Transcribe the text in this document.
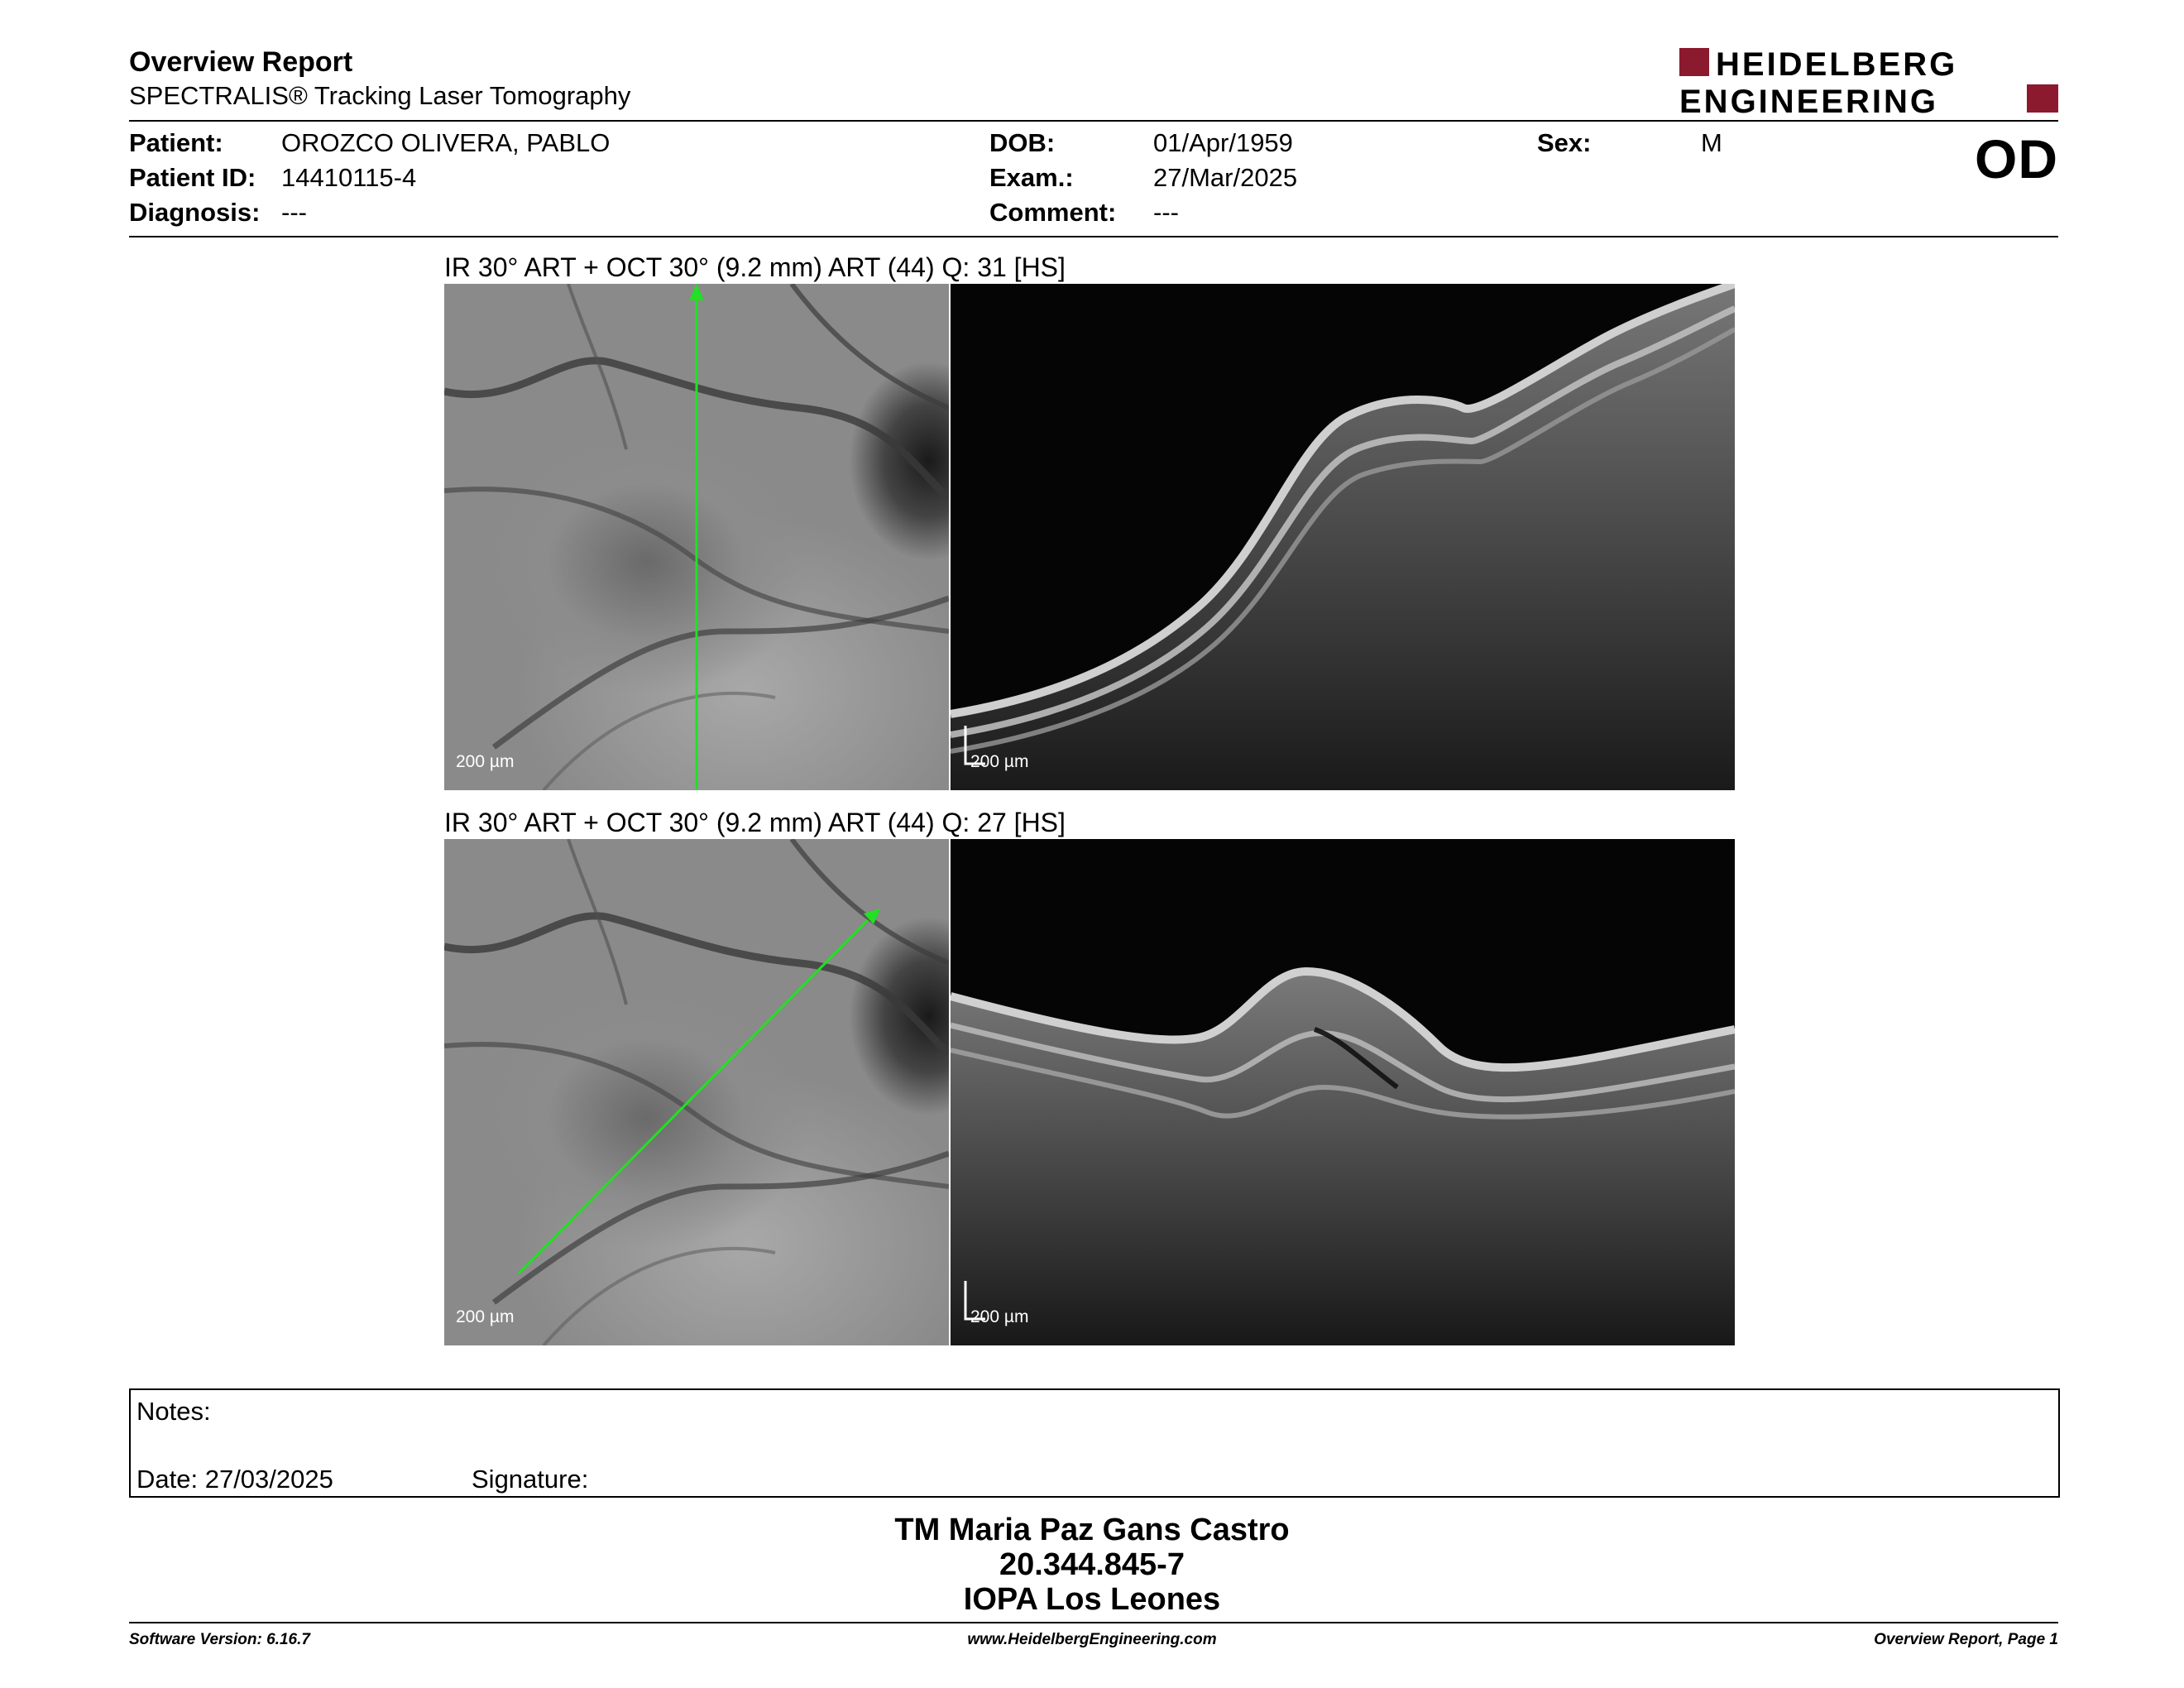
Overview Report
SPECTRALIS® Tracking Laser Tomography
HEIDELBERG
ENGINEERING
Patient: OROZCO OLIVERA, PABLO
Patient ID: 14410115-4
Diagnosis: ---
DOB:	01/Apr/1959
Exam.:	27/Mar/2025
Comment: ---
Sex:	M	OD
IR 30° ART + OCT 30° (9.2 mm) ART (44) Q: 31 [HS]
200 µm	200 µm
IR 30° ART + OCT 30° (9.2 mm) ART (44) Q: 27 [HS]
200 µm	200 µm
Notes:
Date: 27/03/2025	Signature:
TM Maria Paz Gans Castro
20.344.845-7
IOPA Los Leones
Software Version: 6.16.7	www.HeidelbergEngineering.com	Overview Report, Page 1
